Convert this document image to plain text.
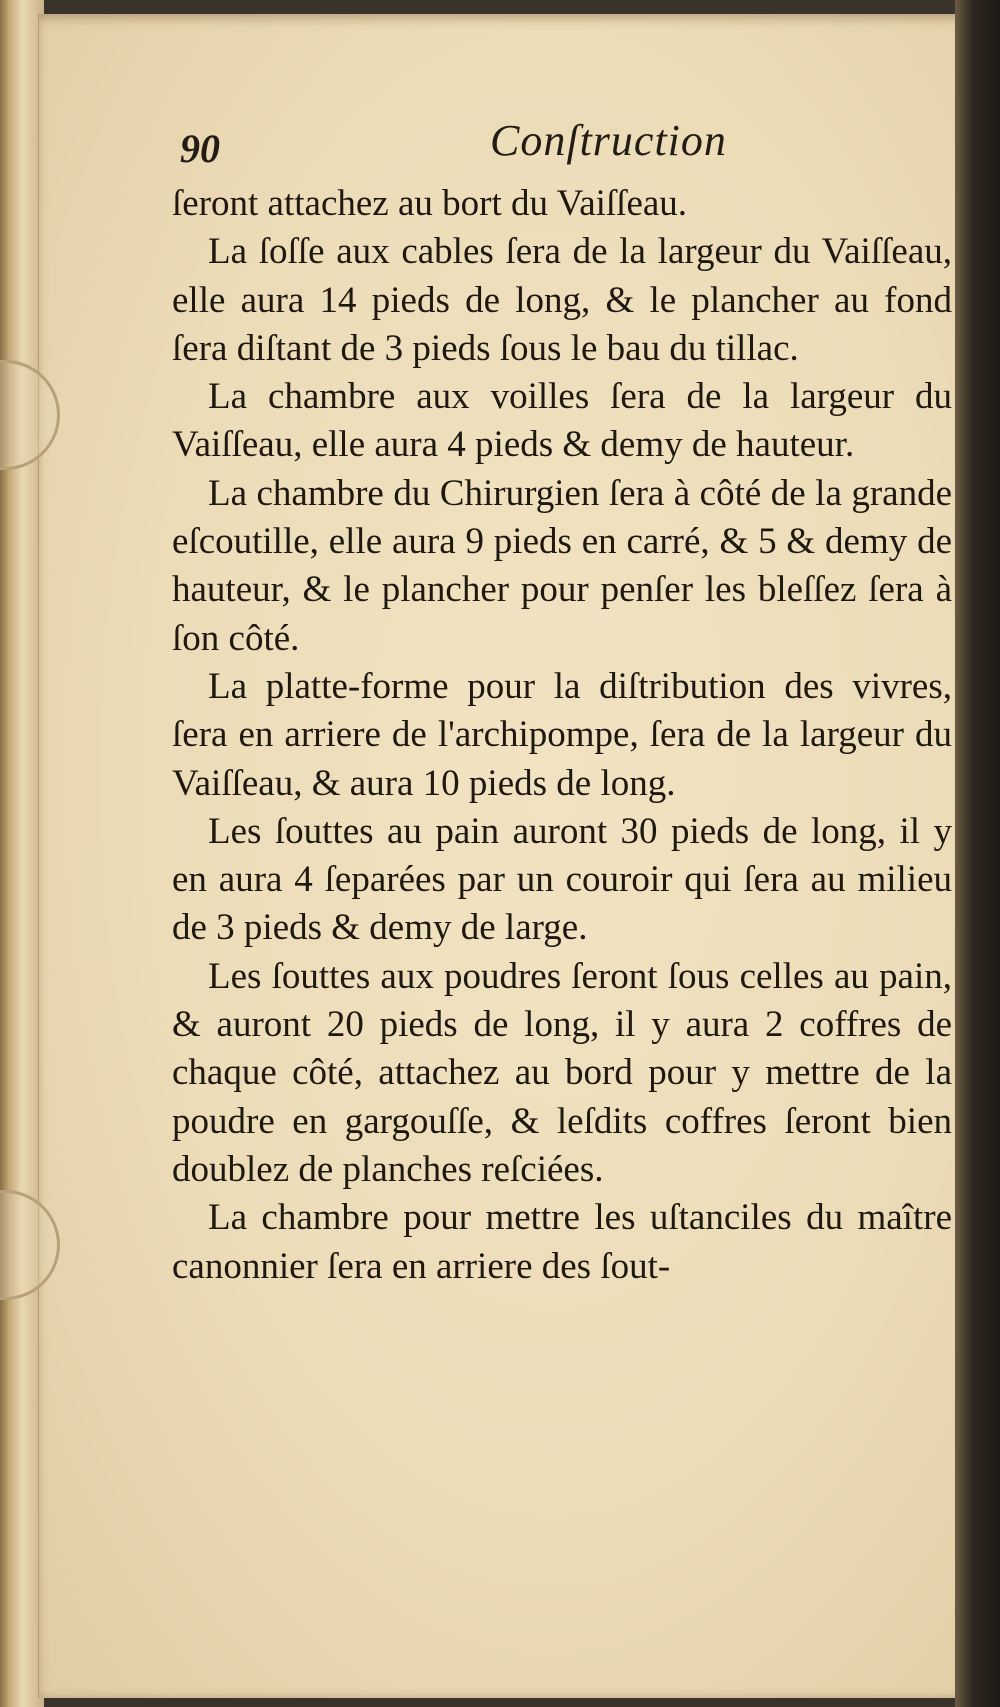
90	Conſtruction

ſeront attachez au bort du Vaiſſeau.

La ſoſſe aux cables ſera de la largeur du Vaiſſeau, elle aura 14 pieds de long, & le plancher au fond ſera diſtant de 3 pieds ſous le bau du tillac.

La chambre aux voilles ſera de la largeur du Vaiſſeau, elle aura 4 pieds & demy de hauteur.

La chambre du Chirurgien ſera à côté de la grande eſcoutille, elle aura 9 pieds en carré, & 5 & demy de hauteur, & le plancher pour penſer les bleſſez ſera à ſon côté.

La platte-forme pour la diſtribution des vivres, ſera en arriere de l'archipompe, ſera de la largeur du Vaiſſeau, & aura 10 pieds de long.

Les ſouttes au pain auront 30 pieds de long, il y en aura 4 ſeparées par un couroir qui ſera au milieu de 3 pieds & demy de large.

Les ſouttes aux poudres ſeront ſous celles au pain, & auront 20 pieds de long, il y aura 2 coffres de chaque côté, attachez au bord pour y mettre de la poudre en gargouſſe, & leſdits coffres ſeront bien doublez de planches reſciées.

La chambre pour mettre les uſtanciles du maître canonnier ſera en arriere des ſout-
